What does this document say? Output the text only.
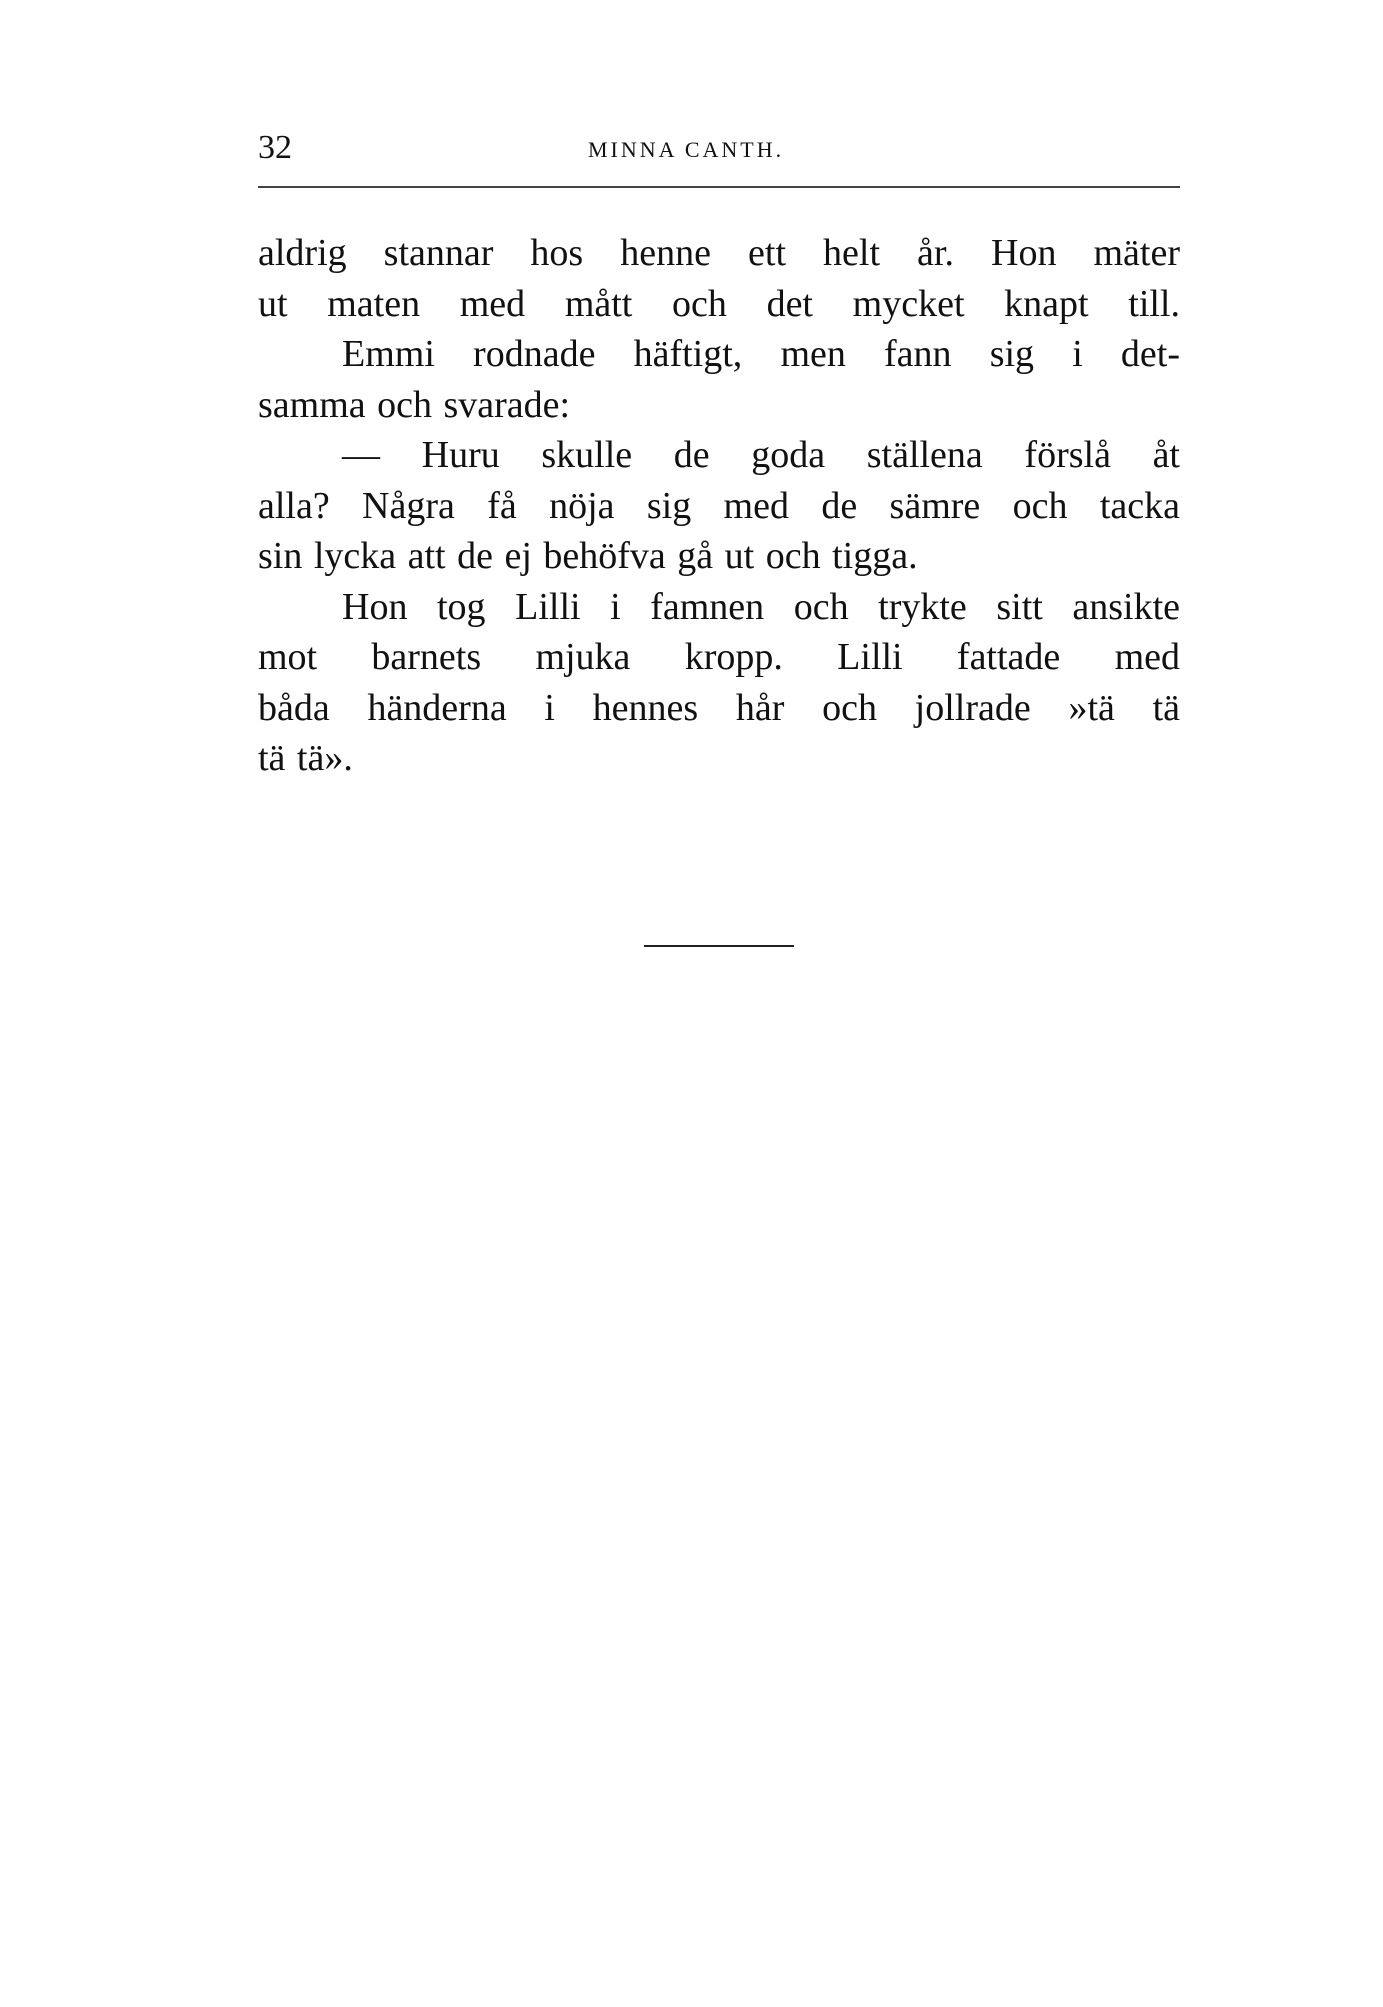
32	MINNA CANTH.
aldrig stannar hos henne ett helt år. Hon mäter
ut maten med mått och det mycket knapt till.
Emmi rodnade häftigt, men fann sig i det-
samma och svarade:
— Huru skulle de goda ställena förslå åt
alla? Några få nöja sig med de sämre och tacka
sin lycka att de ej behöfva gå ut och tigga.
Hon tog Lilli i famnen och trykte sitt ansikte
mot barnets mjuka kropp. Lilli fattade med
båda händerna i hennes hår och jollrade »tä tä
tä tä».
